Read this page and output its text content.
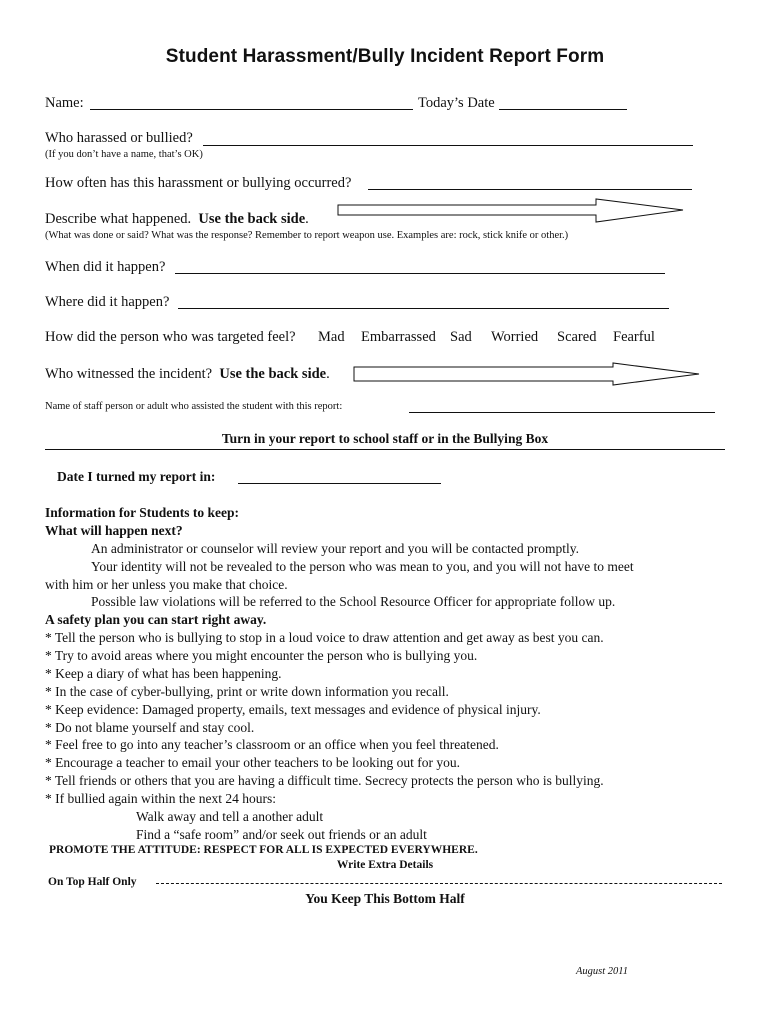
Student Harassment/Bully Incident Report Form
Name:	Today’s Date
Who harassed or bullied?
(If you don’t have a name, that’s OK)
How often has this harassment or bullying occurred?
Describe what happened. Use the back side.
(What was done or said? What was the response? Remember to report weapon use. Examples are: rock, stick knife or other.)
When did it happen?
Where did it happen?
How did the person who was targeted feel? Mad Embarrassed Sad Worried Scared Fearful
Who witnessed the incident? Use the back side.
Name of staff person or adult who assisted the student with this report:
Turn in your report to school staff or in the Bullying Box
Date I turned my report in:
Information for Students to keep:
What will happen next?
An administrator or counselor will review your report and you will be contacted promptly.
Your identity will not be revealed to the person who was mean to you, and you will not have to meet
with him or her unless you make that choice.
Possible law violations will be referred to the School Resource Officer for appropriate follow up.
A safety plan you can start right away.
* Tell the person who is bullying to stop in a loud voice to draw attention and get away as best you can.
* Try to avoid areas where you might encounter the person who is bullying you.
* Keep a diary of what has been happening.
* In the case of cyber-bullying, print or write down information you recall.
* Keep evidence: Damaged property, emails, text messages and evidence of physical injury.
* Do not blame yourself and stay cool.
* Feel free to go into any teacher’s classroom or an office when you feel threatened.
* Encourage a teacher to email your other teachers to be looking out for you.
* Tell friends or others that you are having a difficult time. Secrecy protects the person who is bullying.
* If bullied again within the next 24 hours:
Walk away and tell a another adult
Find a “safe room” and/or seek out friends or an adult
PROMOTE THE ATTITUDE: RESPECT FOR ALL IS EXPECTED EVERYWHERE.
Write Extra Details
On Top Half Only
You Keep This Bottom Half
August 2011
